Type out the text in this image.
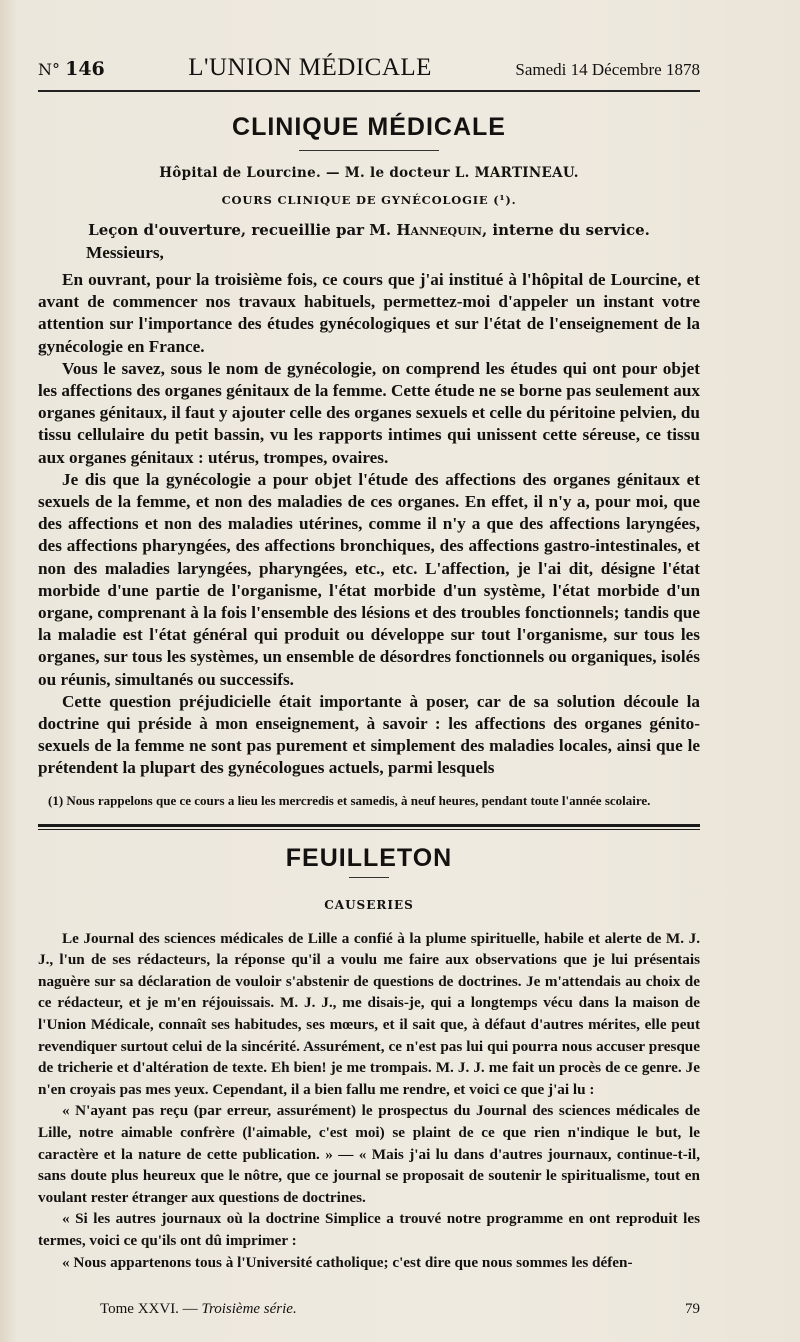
N° 146	L'UNION MÉDICALE	Samedi 14 Décembre 1878
CLINIQUE MÉDICALE
Hôpital de Lourcine. — M. le docteur L. MARTINEAU.
COURS CLINIQUE DE GYNÉCOLOGIE (¹).
Leçon d'ouverture, recueillie par M. Hannequin, interne du service.
Messieurs,

En ouvrant, pour la troisième fois, ce cours que j'ai institué à l'hôpital de Lourcine, et avant de commencer nos travaux habituels, permettez-moi d'appeler un instant votre attention sur l'importance des études gynécologiques et sur l'état de l'enseignement de la gynécologie en France.

Vous le savez, sous le nom de gynécologie, on comprend les études qui ont pour objet les affections des organes génitaux de la femme. Cette étude ne se borne pas seulement aux organes génitaux, il faut y ajouter celle des organes sexuels et celle du péritoine pelvien, du tissu cellulaire du petit bassin, vu les rapports intimes qui unissent cette séreuse, ce tissu aux organes génitaux : utérus, trompes, ovaires.

Je dis que la gynécologie a pour objet l'étude des affections des organes génitaux et sexuels de la femme, et non des maladies de ces organes. En effet, il n'y a, pour moi, que des affections et non des maladies utérines, comme il n'y a que des affections laryngées, des affections pharyngées, des affections bronchiques, des affections gastro-intestinales, et non des maladies laryngées, pharyngées, etc., etc. L'affection, je l'ai dit, désigne l'état morbide d'une partie de l'organisme, l'état morbide d'un système, l'état morbide d'un organe, comprenant à la fois l'ensemble des lésions et des troubles fonctionnels; tandis que la maladie est l'état général qui produit ou développe sur tout l'organisme, sur tous les organes, sur tous les systèmes, un ensemble de désordres fonctionnels ou organiques, isolés ou réunis, simultanés ou successifs.

Cette question préjudicielle était importante à poser, car de sa solution découle la doctrine qui préside à mon enseignement, à savoir : les affections des organes génito-sexuels de la femme ne sont pas purement et simplement des maladies locales, ainsi que le prétendent la plupart des gynécologues actuels, parmi lesquels

(1) Nous rappelons que ce cours a lieu les mercredis et samedis, à neuf heures, pendant toute l'année scolaire.
FEUILLETON
CAUSERIES

Le Journal des sciences médicales de Lille a confié à la plume spirituelle, habile et alerte de M. J. J., l'un de ses rédacteurs, la réponse qu'il a voulu me faire aux observations que je lui présentais naguère sur sa déclaration de vouloir s'abstenir de questions de doctrines. Je m'attendais au choix de ce rédacteur, et je m'en réjouissais. M. J. J., me disais-je, qui a longtemps vécu dans la maison de l'Union Médicale, connaît ses habitudes, ses mœurs, et il sait que, à défaut d'autres mérites, elle peut revendiquer surtout celui de la sincérité. Assurément, ce n'est pas lui qui pourra nous accuser presque de tricherie et d'altération de texte. Eh bien! je me trompais. M. J. J. me fait un procès de ce genre. Je n'en croyais pas mes yeux. Cependant, il a bien fallu me rendre, et voici ce que j'ai lu :

« N'ayant pas reçu (par erreur, assurément) le prospectus du Journal des sciences médicales de Lille, notre aimable confrère (l'aimable, c'est moi) se plaint de ce que rien n'indique le but, le caractère et la nature de cette publication. » — « Mais j'ai lu dans d'autres journaux, continue-t-il, sans doute plus heureux que le nôtre, que ce journal se proposait de soutenir le spiritualisme, tout en voulant rester étranger aux questions de doctrines.

« Si les autres journaux où la doctrine Simplice a trouvé notre programme en ont reproduit les termes, voici ce qu'ils ont dû imprimer :

« Nous appartenons tous à l'Université catholique; c'est dire que nous sommes les défen-

Tome XXVI. — Troisième série.	79
